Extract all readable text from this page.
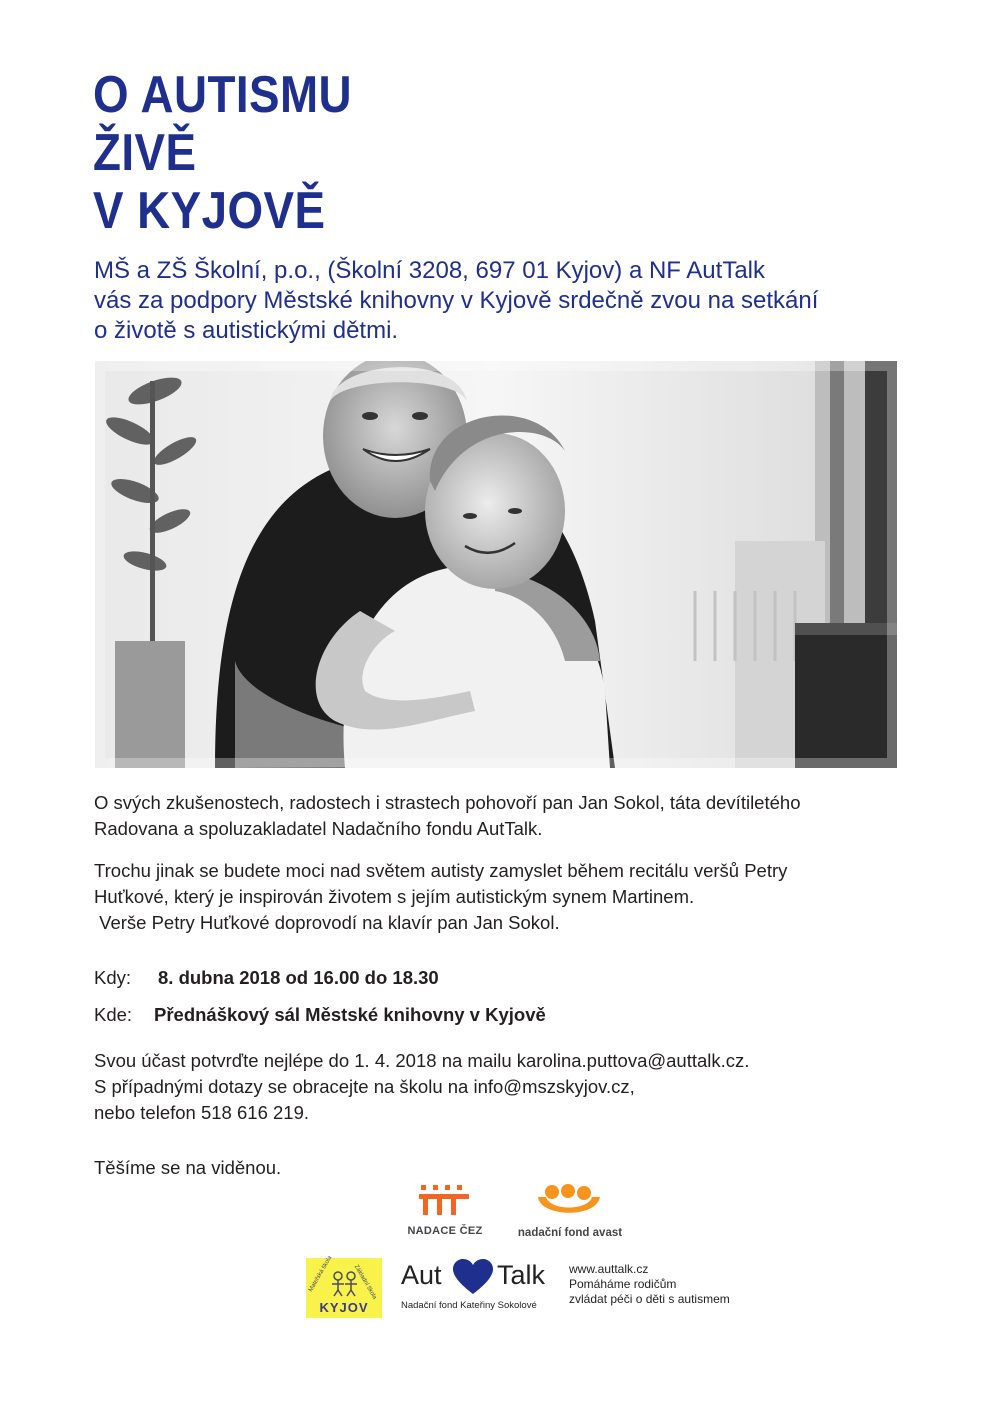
O AUTISMU
ŽIVĚ
V KYJOVĚ
MŠ a ZŠ Školní, p.o., (Školní 3208, 697 01 Kyjov) a NF AutTalk
vás za podpory Městské knihovny v Kyjově srdečně zvou na setkání
o životě s autistickými dětmi.
O svých zkušenostech, radostech i strastech pohovoří pan Jan Sokol, táta devítiletého
Radovana a spoluzakladatel Nadačního fondu AutTalk.
Trochu jinak se budete moci nad světem autisty zamyslet během recitálu veršů Petry
Huťkové, který je inspirován životem s jejím autistickým synem Martinem.
Verše Petry Huťkové doprovodí na klavír pan Jan Sokol.
Kdy: 8. dubna 2018 od 16.00 do 18.30
Kde: Přednáškový sál Městské knihovny v Kyjově
Svou účast potvrďte nejlépe do 1. 4. 2018 na mailu karolina.puttova@auttalk.cz.
S případnými dotazy se obracejte na školu na info@mszskyjov.cz,
nebo telefon 518 616 219.
Těšíme se na viděnou.
NADACE ČEZ	nadační fond avast
Mateřská škola	Základní škola
KYJOV
Aut Talk
Nadační fond Kateřiny Sokolové
www.auttalk.cz
Pomáháme rodičům
zvládat péči o děti s autismem
